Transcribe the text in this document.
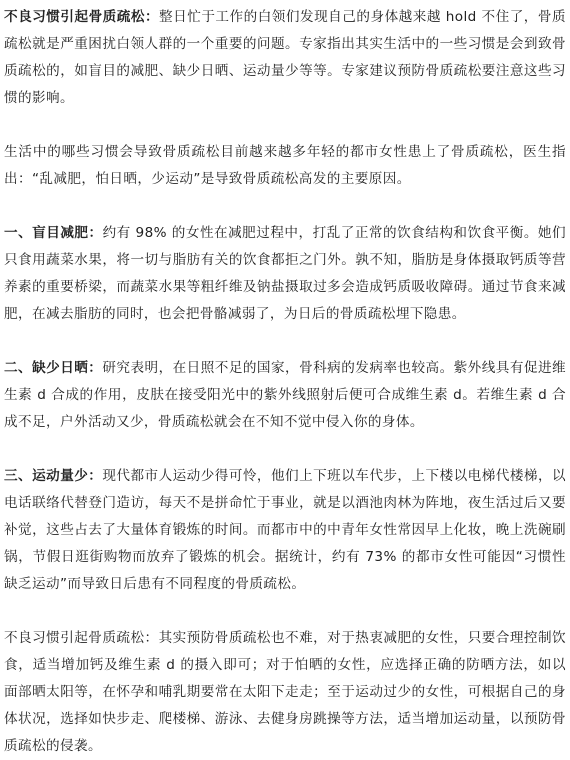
不良习惯引起骨质疏松：整日忙于工作的白领们发现自己的身体越来越 hold 不住了，骨质疏松就是严重困扰白领人群的一个重要的问题。专家指出其实生活中的一些习惯是会到致骨质疏松的，如盲目的减肥、缺少日晒、运动量少等等。专家建议预防骨质疏松要注意这些习惯的影响。

生活中的哪些习惯会导致骨质疏松目前越来越多年轻的都市女性患上了骨质疏松，医生指出：“乱减肥，怕日晒，少运动”是导致骨质疏松高发的主要原因。

一、盲目减肥：约有 98% 的女性在减肥过程中，打乱了正常的饮食结构和饮食平衡。她们只食用蔬菜水果，将一切与脂肪有关的饮食都拒之门外。孰不知，脂肪是身体摄取钙质等营养素的重要桥梁，而蔬菜水果等粗纤维及钠盐摄取过多会造成钙质吸收障碍。通过节食来减肥，在减去脂肪的同时，也会把骨骼减弱了，为日后的骨质疏松埋下隐患。

二、缺少日晒：研究表明，在日照不足的国家，骨科病的发病率也较高。紫外线具有促进维生素 d 合成的作用，皮肤在接受阳光中的紫外线照射后便可合成维生素 d。若维生素 d 合成不足，户外活动又少，骨质疏松就会在不知不觉中侵入你的身体。

三、运动量少：现代都市人运动少得可怜，他们上下班以车代步，上下楼以电梯代楼梯，以电话联络代替登门造访，每天不是拼命忙于事业，就是以酒池肉林为阵地，夜生活过后又要补觉，这些占去了大量体育锻炼的时间。而都市中的中青年女性常因早上化妆，晚上洗碗刷锅，节假日逛街购物而放弃了锻炼的机会。据统计，约有 73% 的都市女性可能因“习惯性缺乏运动”而导致日后患有不同程度的骨质疏松。

不良习惯引起骨质疏松：其实预防骨质疏松也不难，对于热衷减肥的女性，只要合理控制饮食，适当增加钙及维生素 d 的摄入即可；对于怕晒的女性，应选择正确的防晒方法，如以面部晒太阳等，在怀孕和哺乳期要常在太阳下走走；至于运动过少的女性，可根据自己的身体状况，选择如快步走、爬楼梯、游泳、去健身房跳操等方法，适当增加运动量，以预防骨质疏松的侵袭。
